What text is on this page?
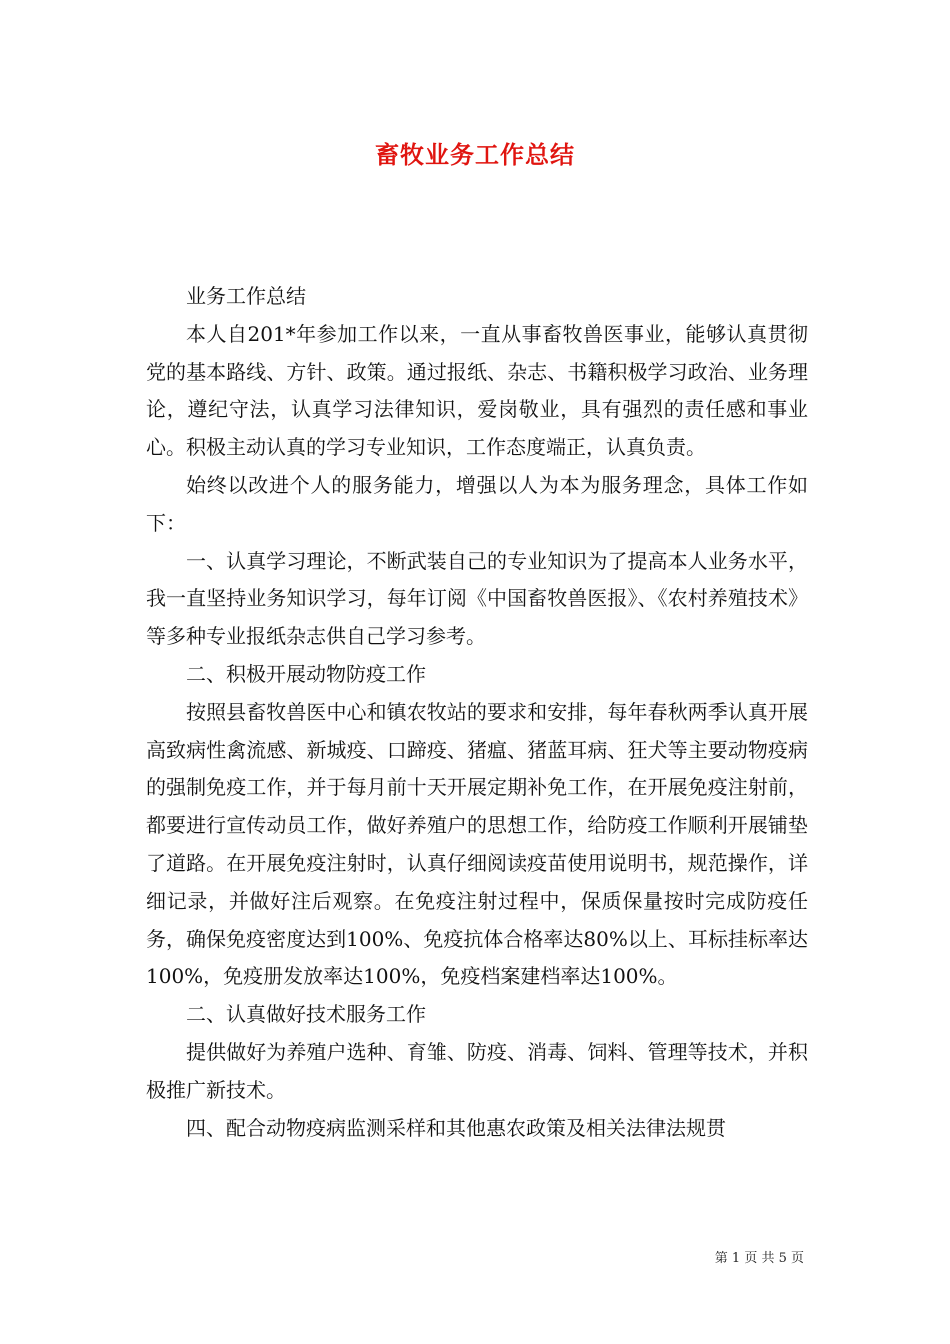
畜牧业务工作总结

业务工作总结

本人自201*年参加工作以来，一直从事畜牧兽医事业，能够认真贯彻党的基本路线、方针、政策。通过报纸、杂志、书籍积极学习政治、业务理论，遵纪守法，认真学习法律知识，爱岗敬业，具有强烈的责任感和事业心。积极主动认真的学习专业知识，工作态度端正，认真负责。

始终以改进个人的服务能力，增强以人为本为服务理念，具体工作如下：

一、认真学习理论，不断武装自己的专业知识为了提高本人业务水平，我一直坚持业务知识学习，每年订阅《中国畜牧兽医报》、《农村养殖技术》等多种专业报纸杂志供自己学习参考。

二、积极开展动物防疫工作

按照县畜牧兽医中心和镇农牧站的要求和安排，每年春秋两季认真开展高致病性禽流感、新城疫、口蹄疫、猪瘟、猪蓝耳病、狂犬等主要动物疫病的强制免疫工作，并于每月前十天开展定期补免工作，在开展免疫注射前，都要进行宣传动员工作，做好养殖户的思想工作，给防疫工作顺利开展铺垫了道路。在开展免疫注射时，认真仔细阅读疫苗使用说明书，规范操作，详细记录，并做好注后观察。在免疫注射过程中，保质保量按时完成防疫任务，确保免疫密度达到100%、免疫抗体合格率达80%以上、耳标挂标率达100%，免疫册发放率达100%，免疫档案建档率达100%。

二、认真做好技术服务工作

提供做好为养殖户选种、育雏、防疫、消毒、饲料、管理等技术，并积极推广新技术。

四、配合动物疫病监测采样和其他惠农政策及相关法律法规贯

第 1 页 共 5 页
